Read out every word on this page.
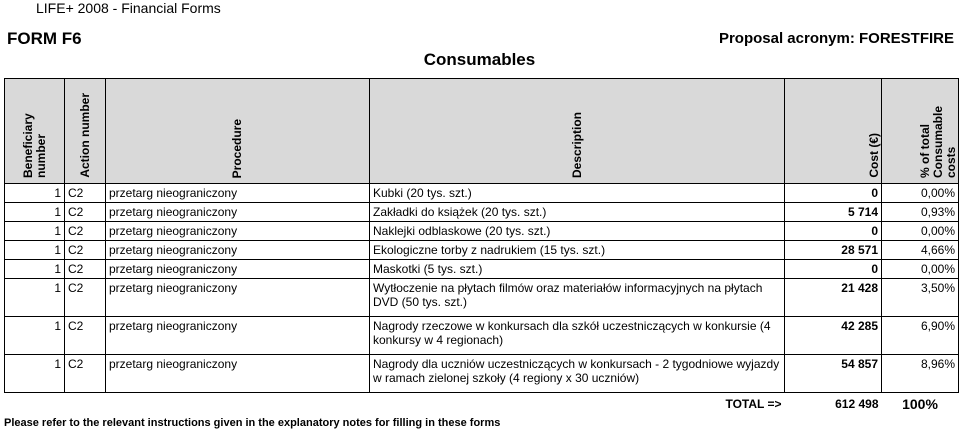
LIFE+ 2008 - Financial Forms
FORM F6	Proposal acronym: FORESTFIRE
Consumables
Beneficiary number	Action number	Procedure	Description	Cost (€)	% of total Consumable costs
1	C2	przetarg nieograniczony	Kubki (20 tys. szt.)	0	0,00%
1	C2	przetarg nieograniczony	Zakładki do książek (20 tys. szt.)	5 714	0,93%
1	C2	przetarg nieograniczony	Naklejki odblaskowe (20 tys. szt.)	0	0,00%
1	C2	przetarg nieograniczony	Ekologiczne torby z nadrukiem (15 tys. szt.)	28 571	4,66%
1	C2	przetarg nieograniczony	Maskotki (5 tys. szt.)	0	0,00%
1	C2	przetarg nieograniczony	Wytłoczenie na płytach filmów oraz materiałów informacyjnych na płytach DVD (50 tys. szt.)	21 428	3,50%
1	C2	przetarg nieograniczony	Nagrody rzeczowe w konkursach dla szkół uczestniczących w konkursie (4 konkursy w 4 regionach)	42 285	6,90%
1	C2	przetarg nieograniczony	Nagrody dla uczniów uczestniczących w konkursach - 2 tygodniowe wyjazdy w ramach zielonej szkoły (4 regiony x 30 uczniów)	54 857	8,96%
			TOTAL =>	612 498	100%
Please refer to the relevant instructions given in the explanatory notes for filling in these forms
